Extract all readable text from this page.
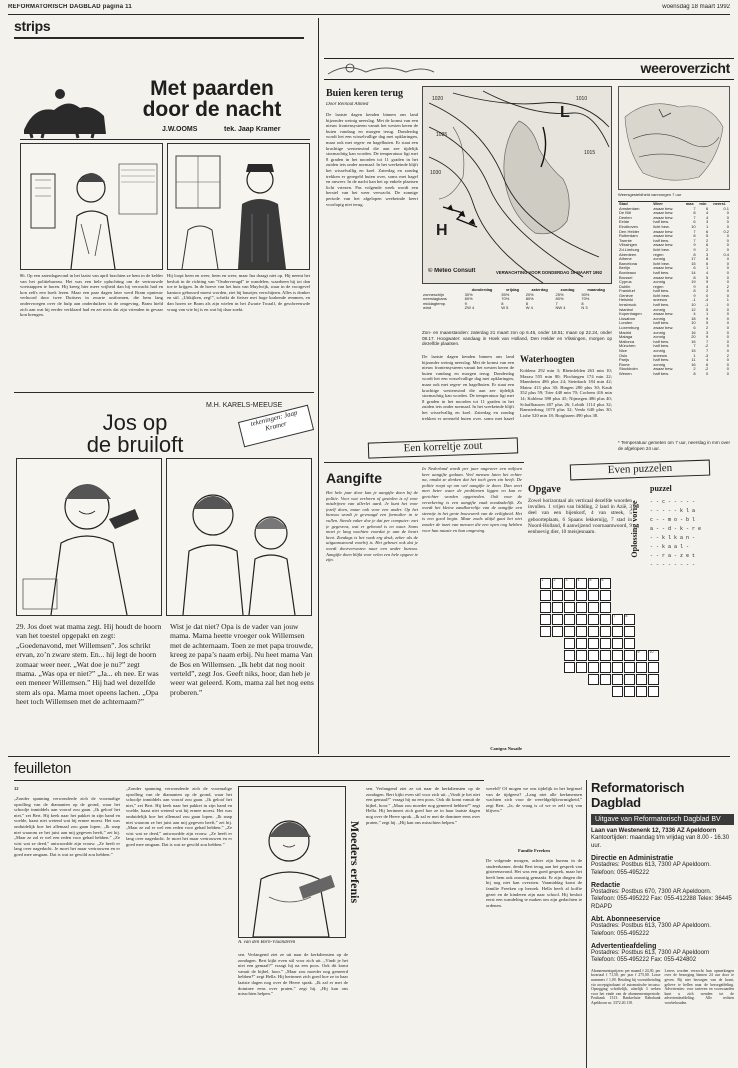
REFORMATORISCH DAGBLAD pagina 11	woensdag 18 maart 1992
strips
Met paarden
door de nacht
J.W.OOMS	tek. Jaap Kramer
86. Op een zaterdagavond in het laatst van april brachten ze hem in de kelder van het politiebureau. Het was een hele opluchting om de vertrouwde voetstappen te horen. Hij kreeg hier meer vrijheid dan hij verwacht had en kon zelfs een boek lezen. Maar een paar dagen later werd Bram opnieuw verhoord door twee Duitsers in zwarte uniformen, die hem lang ondervroegen over de hulp aan onderduikers in de omgeving. Bram hield zich aan wat hij eerder verklaard had en zei niets dat zijn vrienden in gevaar kon brengen.
Hij loopt heen en weer, heen en weer, maar Ina draagt niet op. Hij neemt het besluit in de richting van "Ondervreugd" te wandelen, waarheen hij tot dan toe te krijgen. In de hoeve van het huis van Muylwijk, waar in de voorgevel kantoor gebouwd moest worden, ziet hij buurtjes verschijnen. Alles is donker en stil. „Uitkijken, zeg!”, schrikt de fietser met hoge krakende remmen, en dan horen ze Bram als zijn wielen in het Zwarte Twaalf, de geschreeuwde vraag van wie hij is en wat hij daar zoekt.
Jos op
de bruiloft
M.H. KARELS-MEEUSE
tekeningen: Jaap Kramer
29. Jos doet wat mama zegt. Hij houdt de hoorn van het toestel opgepakt en zegt: „Goedenavond, met Willemsen”. Jos schrikt ervan, zo’n zware stem. En... hij legt de hoorn zomaar weer neer. „Wat doe je nu?” zegt mama. „Was opa er niet?” „Ja... eh nee. Er was een meneer Willemsen.” Hij had wel dezelfde stem als opa. Mama moet opeens lachen. „Opa heet toch Willemsen met de achternaam?”
Wist je dat niet? Opa is de vader van jouw mama. Mama heette vroeger ook Willemsen met de achternaam. Toen ze met papa trouwde, kreeg ze papa’s naam erbij. Nu heet mama Van de Bos en Willemsen. „Ik hebt dat nog nooit verteld”, zegt Jos. Geeft niks, hoor, dan heb je weer wat geleerd. Kom, mama zal het nog eens proberen.”
weeroverzicht
Buien keren terug
Door Reinout Ahmed
De laatste dagen kenden binnen ons land bijzonder weinig neerslag. Met de komst van een nieuw frontensysteem vanuit het westen keren de buien vandaag en morgen terug. Donderdag wordt het een wisselvallige dag met opklaringen, maar ook met regen- en hagelbuien. Er staat een krachtige westenwind die aan zee tijdelijk stormachtig kan worden. De temperatuur ligt met 8 graden in het noorden tot 11 graden in het zuiden iets onder normaal. In het weekeinde blijft het wisselvallig en koel. Zaterdag en zondag trekken er geregeld buien over, soms met hagel en onweer. In de nacht kan het op enkele plaatsen licht vriezen. Pas volgende week wordt een herstel van het weer verwacht. De zonnige periode van het afgelopen weekeinde keert voorlopig niet terug.
1020
1025
1030
1010
1015
H
L
© Meteo Consult	VERWACHTING VOOR DONDERDAG 19 MAART 1992
	donderdag	vrijdag	zaterdag	zondag	maandag
zonneschijn	30%	35%	20%	25%	30%
neerslagkans	80%	70%	80%	80%	70%
middagtemp.	9	8	8	7	8
wind	ZW 4	W 5	W 4	NW 4	N 3
Zon- en maanstanden: zaterdag 21 maart zon op 6.46, onder 18.51; maan op 22.24, onder 08.17. Hoogwater: vandaag in Hoek van Holland, Den Helder en Vlissingen, morgen op dezelfde plaatsen.
De laatste dagen kenden binnen ons land bijzonder weinig neerslag. Met de komst van een nieuw frontensysteem vanuit het westen keren de buien vandaag en morgen terug. Donderdag wordt het een wisselvallige dag met opklaringen, maar ook met regen- en hagelbuien. Er staat een krachtige westenwind die aan zee tijdelijk stormachtig kan worden. De temperatuur ligt met 8 graden in het noorden tot 11 graden in het zuiden iets onder normaal. In het weekeinde blijft het wisselvallig en koel. Zaterdag en zondag trekken er geregeld buien over, soms met hagel
Waterhoogten
Koblenz 292 min 3; Rheinfelden 263 min 10; Maxau 555 min 80; Plochingen 174 min 22; Mannheim 486 plus 24; Steinbach 184 min 42; Mainz 413 plus 30; Bingen 280 plus 30; Kaub 352 plus 59; Trier 440 min 70; Cochem 416 min 14; Koblenz 398 plus 45; Nijmegen 486 plus 40; Schaffhausen 407 plus 26; Lobith 1114 plus 32; Ramsterbrug 1070 plus 32; Venlo 640 plus 30; Lixhe 520 min 18; Borgharen 490 plus 38.
Weersgesteldheid vanmorgen 7 uur
Stad	Weer	max	min	neersl.
Amsterdam	zwaar bew.	7	6	0.1
De Bilt	zwaar bew.	8	4	0
Deelen	zwaar bew.	7	4	0
Eelde	half bew.	6	3	0
Eindhoven	licht bew.	10	1	0
Den Helder	zwaar bew.	7	6	0.2
Rotterdam	zwaar bew.	8	5	0
Twente	half bew.	7	2	0
Vlissingen	zwaar bew.	9	6	0
Zd.Limburg	licht bew.	9	2	0
Aberdeen	regen	8	3	0.4
Athene	zonnig	17	8	0
Barcelona	licht bew.	15	6	0
Berlijn	zwaar bew.	6	1	0
Bordeaux	half bew.	14	4	0
Brussel	zwaar bew.	8	5	0
Cyprus	zonnig	19	9	0
Dublin	regen	9	4	2
Frankfurt	half bew.	8	2	0
Genève	licht bew.	9	0	0
Helsinki	sneeuw	-1	-4	1
Innsbruck	half bew.	10	-1	0
Istanbul	zonnig	12	5	0
Kopenhagen	zwaar bew.	4	1	0
Lissabon	zonnig	18	9	0
Londen	half bew.	10	5	0
Luxemburg	zwaar bew.	6	2	0
Madrid	zonnig	16	3	0
Malaga	zonnig	20	9	0
Mallorca	half bew.	16	7	0
München	half bew.	7	-2	0
Nice	zonnig	15	7	0
Oslo	sneeuw	1	-3	2
Parijs	half bew.	11	4	0
Rome	zonnig	16	6	0
Stockholm	zwaar bew.	2	-2	0
Wenen	half bew.	8	0	0
* Temperatuur gemeten om 7 uur, neerslag in mm over de afgelopen 24 uur.
Een korreltje zout
Aangifte
Het hele jaar door kan je aangifte doen bij de politie. Voor wat verloren of gestolen is of voor misdrijven van allerlei aard. Je kunt het voor jezelf doen, maar ook voor een ander. Op het bureau wordt je gevraagd een formulier in te vullen. Steeds vaker doe je dat per computer: met je gegevens, wat er gebeurd is en waar. Soms moet je lang wachten voordat je aan de beurt bent. Zondags is het vaak erg druk, zeker als de uitgaansavond voorbij is. Het gebeurt ook dat je wordt doorverwezen naar een ander bureau. Aangifte doen blijkt voor velen een hele opgave te zijn.
In Nederland wordt per jaar ongeveer een miljoen keer aangifte gedaan. Veel mensen laten het echter na, omdat ze denken dat het toch geen zin heeft. De politie roept op om wel aangifte te doen. Dan weet men beter waar de problemen liggen en kan er gerichter worden opgetreden. Ook voor de verzekering is een aangifte vaak noodzakelijk. Zo wordt het kleine zandkorreltje van de aangifte een steentje in het grote bouwwerk van de veiligheid. Het is een goed begin. Maar zoals altijd gaat het niet zonder de inzet van mensen die een open oog hebben voor hun naaste en hun omgeving.
Cantgra Nosaile
Even puzzelen
Opgave
Zowel horizontaal als verticaal dezelfde woorden invullen. 1 vrijen van bidding, 2 land in Azië, 3 deel van een bijenkorf, 4 van streek, 5 geboorteplaats, 6 Spaans lekkernijg, 7 stad in Noord-Holland, 8 aanwijzend voornaamwoord, 9 eenhoevig dier, 10 meisjesnaam.	Oplossing vorige
puzzel
- - c - - - - -
- - - - - k l a
c - - m o - b l
a - - d - k - r e
- - k l k a n -
- - k a a l -
- - r a - z e t
- - - - - - - -
1	2	3	4	5	6
7	8
9	10
feuilleton
12
„Zonder spanning verwonderde zich de voormalige oprolling van de diamanten op de grond, waar het schoolje inmiddels aan vooraf zou gaan. „Ik geloof het niet,” zei Bert. Hij keek naar het pakket in zijn hand en voelde, haast niet wetend wat hij ermee moest. Het was onduidelijk hoe het allemaal zou gaan lopen. „Ik snap niet waarom ze het juist aan mij gegeven heeft,” zei hij. „Maar ze zal er wel een reden voor gehad hebben.” „Ze wist wat ze deed,” antwoordde zijn vrouw. „Ze heeft er lang over nagedacht. Je moet het maar vertrouwen en er goed mee omgaan. Dat is wat ze gewild zou hebben.”
„Zonder spanning verwonderde zich de voormalige oprolling van de diamanten op de grond, waar het schoolje inmiddels aan vooraf zou gaan. „Ik geloof het niet,” zei Bert. Hij keek naar het pakket in zijn hand en voelde, haast niet wetend wat hij ermee moest. Het was onduidelijk hoe het allemaal zou gaan lopen. „Ik snap niet waarom ze het juist aan mij gegeven heeft,” zei hij. „Maar ze zal er wel een reden voor gehad hebben.” „Ze wist wat ze deed,” antwoordde zijn vrouw. „Ze heeft er lang over nagedacht. Je moet het maar vertrouwen en er goed mee omgaan. Dat is wat ze gewild zou hebben.”	Moeders erfenis
A. van den Born-Vlaanderen
sen. Verlangend ziet ze uit naar de kerkdiensten op de zondagen. Bert kijkt even stil voor zich uit. „Vindt je het niet een gemaal?” vraagt hij na een poos. Ook dit komt vanuit de bijbel, hoor.” „Maar zou moeder nog gemeerd hebben?” zegt Hella. Hij herinnert zich goed hoe ze in haar laatste dagen nog over de Heere sprak. „Ik zal er met de dominee eens over praten,” zegt hij. „Hij kan ons misschien helpen.”
sen. Verlangend ziet ze uit naar de kerkdiensten op de zondagen. Bert kijkt even stil voor zich uit. „Vindt je het niet een gemaal?” vraagt hij na een poos. Ook dit komt vanuit de bijbel, hoor.” „Maar zou moeder nog gemeerd hebben?” zegt Hella. Hij herinnert zich goed hoe ze in haar laatste dagen nog over de Heere sprak. „Ik zal er met de dominee eens over praten,” zegt hij. „Hij kan ons misschien helpen.”
wereld? Of mogen we ons tijdelijk in het beginsel van de tijdgeest? „Lang niet alle kerkmensen wachten zich voor de wereldgelijkvormigheid,” zegt Bert. „Ja, de vraag is of we er zelf vrij van blijven.”
Familie Freeken
De volgende morgen, achter zijn bureau in de studeerkamer, denkt Bert terug aan het gesprek van gisterenavond. Het was een goed gesprek, maar het heeft hem ook onrustig gemaakt. Er zijn dingen die hij nog niet kan overzien. Vanmiddag komt de familie Freeken op bezoek. Hella heeft al koffie gezet en de kinderen zijn naar school. Hij besluit eerst een wandeling te maken om zijn gedachten te ordenen.
Reformatorisch Dagblad
Uitgave van Reformatorisch Dagblad BV
Laan van Westenenk 12, 7336 AZ Apeldoorn
Kantoortijden: maandag t/m vrijdag van 8.00 - 16.30 uur.
Directie en Administratie
Postadres: Postbus 613, 7300 AP Apeldoorn. Telefoon: 055-495222
Redactie
Postadres: Postbus 670, 7300 AR Apeldoorn.
Telefoon: 055-495222 Fax: 055-412288 Telex: 36445 RDAPD
Abt. Abonneeservice
Postadres: Postbus 613, 7300 AP Apeldoorn. Telefoon: 055-495222
Advertentieafdeling
Postadres: Postbus 613, 7300 AP Apeldoorn
Telefoon: 055-495222 Fax: 055-424802
Abonnementsprijzen: per maand f 24,30, per kwartaal f 71,50, per jaar f 275,00. Losse nummers f 1,00. Betaling bij vooruitbetaling via acceptgirokaart of automatische incasso. Opzegging schriftelijk, uiterlijk 3 weken voor het einde van de abonnementsperiode. Postbank 1313. Bankrelatie Rabobank Apeldoorn nr. 3372.20.118.
Lezers worden verzocht hun opmerkingen over de bezorging binnen 24 uur door te geven. Bij niet bezorgen van de krant, gelieve te bellen naar de bezorgafdeling. Advertenties: voor tarieven en voorwaarden kunt u zich wenden tot de advertentieafdeling. Alle rechten voorbehouden.
